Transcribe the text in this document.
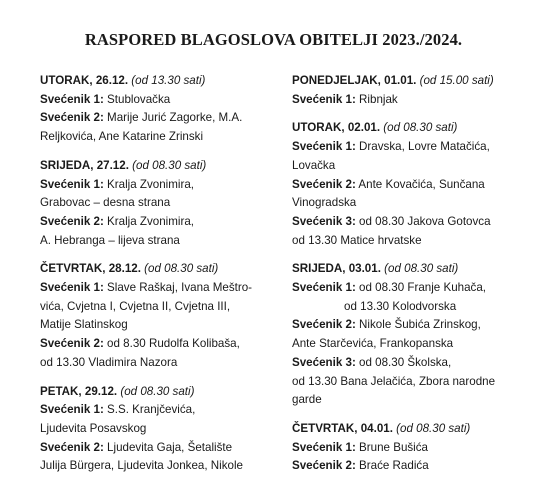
RASPORED BLAGOSLOVA OBITELJI 2023./2024.
UTORAK, 26.12. (od 13.30 sati)
Svećenik 1: Stublovačka
Svećenik 2: Marije Jurić Zagorke, M.A.
Reljkovića, Ane Katarine Zrinski
SRIJEDA, 27.12. (od 08.30 sati)
Svećenik 1: Kralja Zvonimira,
Grabovac – desna strana
Svećenik 2: Kralja Zvonimira,
A. Hebranga – lijeva strana
ČETVRTAK, 28.12. (od 08.30 sati)
Svećenik 1: Slave Raškaj, Ivana Meštro-
vića, Cvjetna I, Cvjetna II, Cvjetna III,
Matije Slatinskog
Svećenik 2: od 8.30 Rudolfa Kolibaša,
od 13.30 Vladimira Nazora
PETAK, 29.12. (od 08.30 sati)
Svećenik 1: S.S. Kranjčevića,
Ljudevita Posavskog
Svećenik 2: Ljudevita Gaja, Šetalište
Julija Bürgera, Ljudevita Jonkea, Nikole
PONEDJELJAK, 01.01. (od 15.00 sati)
Svećenik 1: Ribnjak
UTORAK, 02.01. (od 08.30 sati)
Svećenik 1: Dravska, Lovre Matačića,
Lovačka
Svećenik 2: Ante Kovačića, Sunčana
Vinogradska
Svećenik 3: od 08.30 Jakova Gotovca
od 13.30 Matice hrvatske
SRIJEDA, 03.01. (od 08.30 sati)
Svećenik 1: od 08.30 Franje Kuhača,
od 13.30 Kolodvorska
Svećenik 2: Nikole Šubića Zrinskog,
Ante Starčevića, Frankopanska
Svećenik 3: od 08.30 Školska,
od 13.30 Bana Jelačića, Zbora narodne
garde
ČETVRTAK, 04.01. (od 08.30 sati)
Svećenik 1: Brune Bušića
Svećenik 2: Braće Radića
